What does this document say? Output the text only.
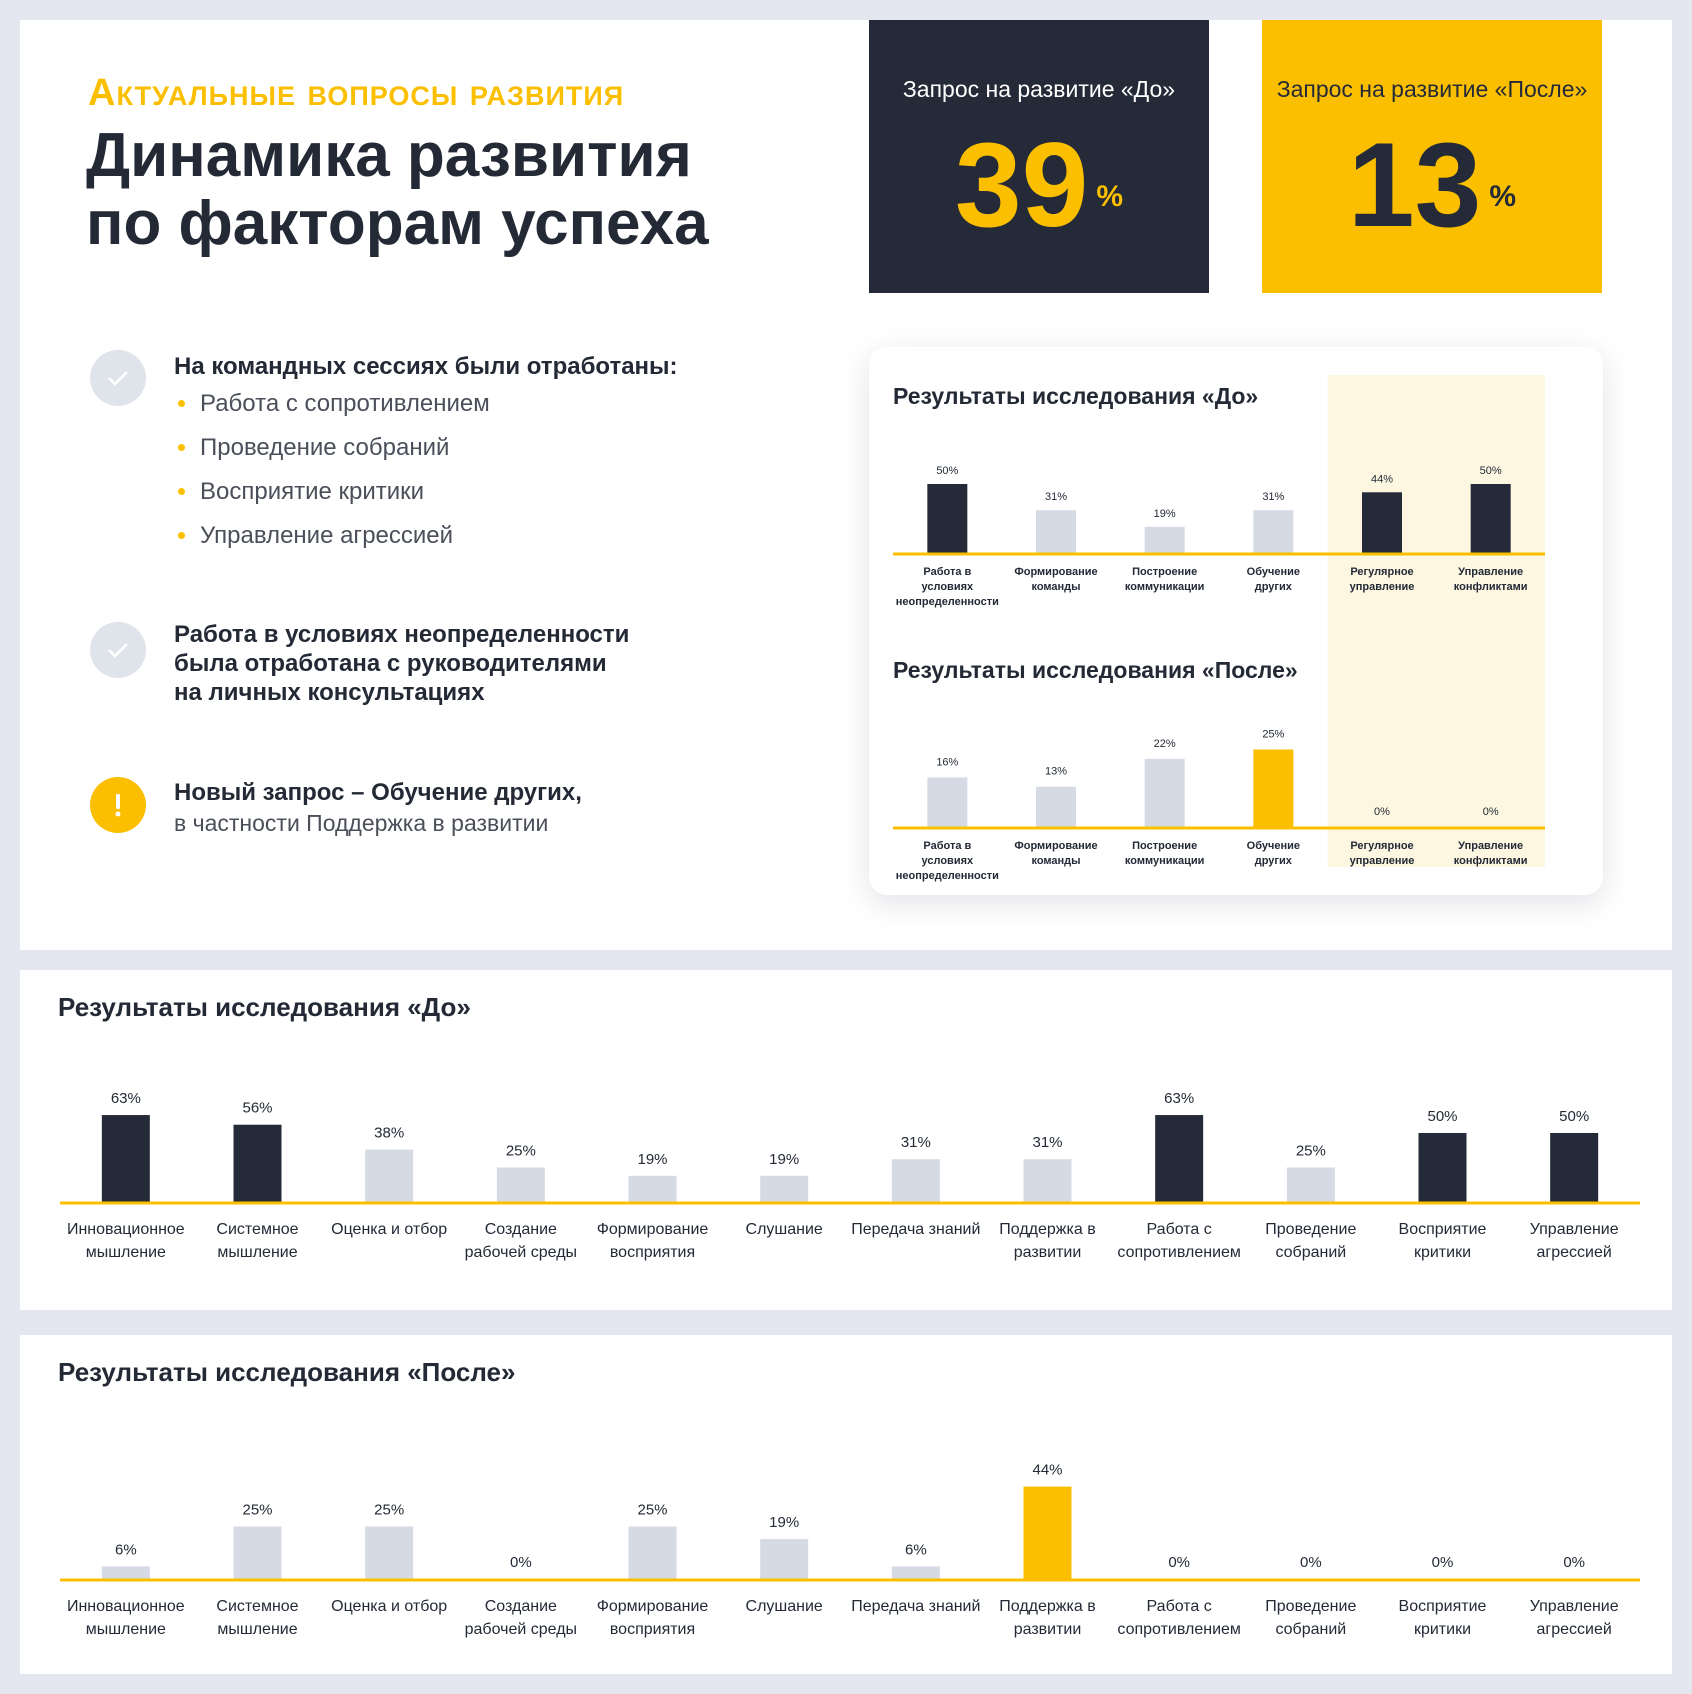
Актуальные вопросы развития
Динамика развития
по факторам успеха
Запрос на развитие «До»
39 %
Запрос на развитие «После»
13 %
На командных сессиях были отработаны:
Работа с сопротивлением
Проведение собраний
Восприятие критики
Управление агрессией
Работа в условиях неопределенности
была отработана с руководителями
на личных консультациях
Новый запрос – Обучение других,
в частности Поддержка в развитии
Результаты исследования «До»
Результаты исследования «После»
50%
Работа в условиях неопределенности
31%
Формирование команды
19%
Построение коммуникации
31%
Обучение других
44%
Регулярное управление
50%
Управление конфликтами
16%
Работа в условиях неопределенности
13%
Формирование команды
22%
Построение коммуникации
25%
Обучение других
0%
Регулярное управление
0%
Управление конфликтами
Результаты исследования «До»
63%
Инновационное мышление
56%
Системное мышление
38%
Оценка и отбор
25%
Создание рабочей среды
19%
Формирование восприятия
19%
Слушание
31%
Передача знаний
31%
Поддержка в развитии
63%
Работа с сопротивлением
25%
Проведение собраний
50%
Восприятие критики
50%
Управление агрессией
Результаты исследования «После»
6%
Инновационное мышление
25%
Системное мышление
25%
Оценка и отбор
0%
Создание рабочей среды
25%
Формирование восприятия
19%
Слушание
6%
Передача знаний
44%
Поддержка в развитии
0%
Работа с сопротивлением
0%
Проведение собраний
0%
Восприятие критики
0%
Управление агрессией
